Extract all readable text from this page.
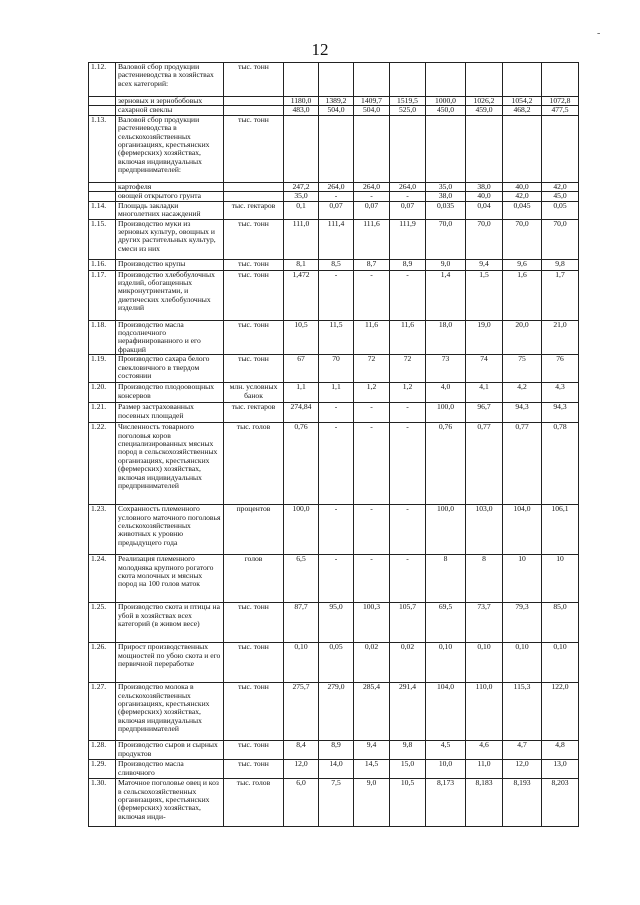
12
-
1.12.	Валовой сбор продукции растениеводства в хозяйствах всех категорий:	тыс. тонн								
	зерновых и зернобобовых		1180,0	1389,2	1409,7	1519,5	1000,0	1026,2	1054,2	1072,8
	сахарной свеклы		483,0	504,0	504,0	525,0	450,0	459,0	468,2	477,5
1.13.	Валовой сбор продукции растениеводства в сельскохозяйственных организациях, крестьянских (фермерских) хозяйствах, включая индивидуальных предпринимателей:	тыс. тонн								
	картофеля		247,2	264,0	264,0	264,0	35,0	38,0	40,0	42,0
	овощей открытого грунта		35,0	-	-	-	38,0	40,0	42,0	45,0
1.14.	Площадь закладки многолетних насаждений	тыс. гектаров	0,1	0,07	0,07	0,07	0,035	0,04	0,045	0,05
1.15.	Производство муки из зерновых культур, овощных и других растительных культур, смеси из них	тыс. тонн	111,0	111,4	111,6	111,9	70,0	70,0	70,0	70,0
1.16.	Производство крупы	тыс. тонн	8,1	8,5	8,7	8,9	9,0	9,4	9,6	9,8
1.17.	Производство хлебобулочных изделий, обогащенных микронутриентами, и диетических хлебобулочных изделий	тыс. тонн	1,472	-	-	-	1,4	1,5	1,6	1,7
1.18.	Производство масла подсолнечного нерафинированного и его фракций	тыс. тонн	10,5	11,5	11,6	11,6	18,0	19,0	20,0	21,0
1.19.	Производство сахара белого свекловичного в твердом состоянии	тыс. тонн	67	70	72	72	73	74	75	76
1.20.	Производство плодоовощных консервов	млн. условных банок	1,1	1,1	1,2	1,2	4,0	4,1	4,2	4,3
1.21.	Размер застрахованных посевных площадей	тыс. гектаров	274,84	-	-	-	100,0	96,7	94,3	94,3
1.22.	Численность товарного поголовья коров специализированных мясных пород в сельскохозяйственных организациях, крестьянских (фермерских) хозяйствах, включая индивидуальных предпринимателей	тыс. голов	0,76	-	-	-	0,76	0,77	0,77	0,78
1.23.	Сохранность племенного условного маточного поголовья сельскохозяйственных животных к уровню предыдущего года	процентов	100,0	-	-	-	100,0	103,0	104,0	106,1
1.24.	Реализация племенного молодняка крупного рогатого скота молочных и мясных пород на 100 голов маток	голов	6,5	-	-	-	8	8	10	10
1.25.	Производство скота и птицы на убой в хозяйствах всех категорий (в живом весе)	тыс. тонн	87,7	95,0	100,3	105,7	69,5	73,7	79,3	85,0
1.26.	Прирост производственных мощностей по убою скота и его первичной переработке	тыс. тонн	0,10	0,05	0,02	0,02	0,10	0,10	0,10	0,10
1.27.	Производство молока в сельскохозяйственных организациях, крестьянских (фермерских) хозяйствах, включая индивидуальных предпринимателей	тыс. тонн	275,7	279,0	285,4	291,4	104,0	110,0	115,3	122,0
1.28.	Производство сыров и сырных продуктов	тыс. тонн	8,4	8,9	9,4	9,8	4,5	4,6	4,7	4,8
1.29.	Производство масла сливочного	тыс. тонн	12,0	14,0	14,5	15,0	10,0	11,0	12,0	13,0
1.30.	Маточное поголовье овец и коз в сельскохозяйственных организациях, крестьянских (фермерских) хозяйствах, включая инди-	тыс. голов	6,0	7,5	9,0	10,5	8,173	8,183	8,193	8,203
